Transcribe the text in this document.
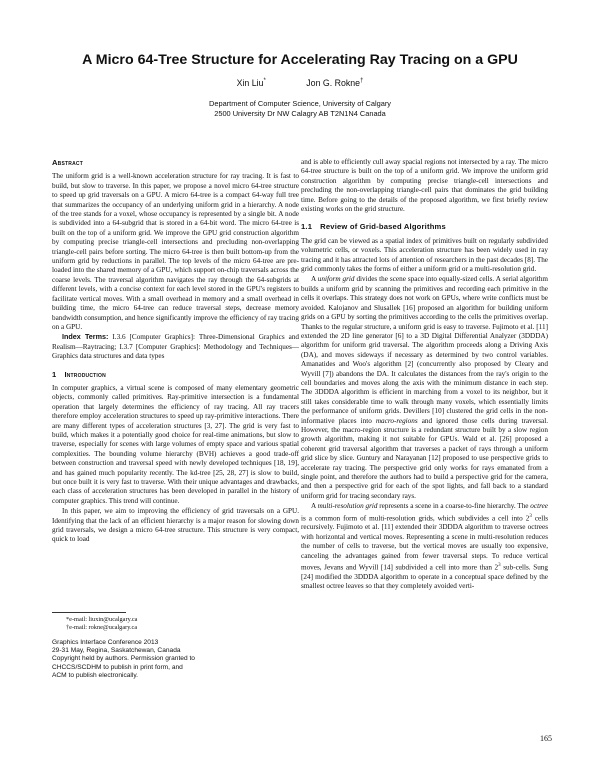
A Micro 64-Tree Structure for Accelerating Ray Tracing on a GPU
Xin Liu*	Jon G. Rokne†
Department of Computer Science, University of Calgary
2500 University Dr NW Calagry AB T2N1N4 Canada
Abstract

The uniform grid is a well-known acceleration structure for ray tracing. It is fast to build, but slow to traverse. In this paper, we propose a novel micro 64-tree structure to speed up grid traversals on a GPU. A micro 64-tree is a compact 64-way full tree that summarizes the occupancy of an underlying uniform grid in a hierarchy. A node of the tree stands for a voxel, whose occupancy is represented by a single bit. A node is subdivided into a 64-subgrid that is stored in a 64-bit word. The micro 64-tree is built on the top of a uniform grid. We improve the GPU grid construction algorithm by computing precise triangle-cell intersections and precluding non-overlapping triangle-cell pairs before sorting. The micro 64-tree is then built bottom-up from the uniform grid by reductions in parallel. The top levels of the micro 64-tree are pre-loaded into the shared memory of a GPU, which support on-chip traversals across the coarse levels. The traversal algorithm navigates the ray through the 64-subgrids at different levels, with a concise context for each level stored in the GPU's registers to facilitate vertical moves. With a small overhead in memory and a small overhead in building time, the micro 64-tree can reduce traversal steps, decrease memory bandwidth consumption, and hence significantly improve the efficiency of ray tracing on a GPU.

Index Terms: I.3.6 [Computer Graphics]: Three-Dimensional Graphics and Realism—Raytracing; I.3.7 [Computer Graphics]: Methodology and Techniques—Graphics data structures and data types

1 Introduction

In computer graphics, a virtual scene is composed of many elementary geometric objects, commonly called primitives. Ray-primitive intersection is a fundamental operation that largely determines the efficiency of ray tracing. All ray tracers therefore employ acceleration structures to speed up ray-primitive interactions. There are many different types of acceleration structures [3, 27]. The grid is very fast to build, which makes it a potentially good choice for real-time animations, but slow to traverse, especially for scenes with large volumes of empty space and various spatial complexities. The bounding volume hierarchy (BVH) achieves a good trade-off between construction and traversal speed with newly developed techniques [18, 19], and has gained much popularity recently. The kd-tree [25, 28, 27] is slow to build, but once built it is very fast to traverse. With their unique advantages and drawbacks, each class of acceleration structures has been developed in parallel in the history of computer graphics. This trend will continue.

In this paper, we aim to improving the efficiency of grid traversals on a GPU. Identifying that the lack of an efficient hierarchy is a major reason for slowing down grid traversals, we design a micro 64-tree structure. This structure is very compact, quick to load

*e-mail: liuxin@ucalgary.ca
†e-mail: rokne@ucalgary.ca
Graphics Interface Conference 2013
29-31 May, Regina, Saskatchewan, Canada
Copyright held by authors. Permission granted to
CHCCS/SCDHM to publish in print form, and
ACM to publish electronically.

and is able to efficiently cull away spacial regions not intersected by a ray. The micro 64-tree structure is built on the top of a uniform grid. We improve the uniform grid construction algorithm by computing precise triangle-cell intersections and precluding the non-overlapping triangle-cell pairs that dominates the grid building time. Before going to the details of the proposed algorithm, we first briefly review existing works on the grid structure.

1.1 Review of Grid-based Algorithms

The grid can be viewed as a spatial index of primitives built on regularly subdivided volumetric cells, or voxels. This acceleration structure has been widely used in ray tracing and it has attracted lots of attention of researchers in the past decades [8]. The grid commonly takes the forms of either a uniform grid or a multi-resolution grid.

A uniform grid divides the scene space into equally-sized cells. A serial algorithm builds a uniform grid by scanning the primitives and recording each primitive in the cells it overlaps. This strategy does not work on GPUs, where write conflicts must be avoided. Kalojanov and Slusallek [16] proposed an algorithm for building uniform grids on a GPU by sorting the primitives according to the cells the primitives overlap. Thanks to the regular structure, a uniform grid is easy to traverse. Fujimoto et al. [11] extended the 2D line generator [6] to a 3D Digital Differential Analyzer (3DDDA) algorithm for uniform grid traversal. The algorithm proceeds along a Driving Axis (DA), and moves sideways if necessary as determined by two control variables. Amanatides and Woo's algorithm [2] (concurrently also proposed by Cleary and Wyvill [7]) abandons the DA. It calculates the distances from the ray's origin to the cell boundaries and moves along the axis with the minimum distance in each step. The 3DDDA algorithm is efficient in marching from a voxel to its neighbor, but it still takes considerable time to walk through many voxels, which essentially limits the performance of uniform grids. Devillers [10] clustered the grid cells in the non-informative places into macro-regions and ignored those cells during traversal. However, the macro-region structure is a redundant structure built by a slow region growth algorithm, making it not suitable for GPUs. Wald et al. [26] proposed a coherent grid traversal algorithm that traverses a packet of rays through a uniform grid slice by slice. Guntury and Narayanan [12] proposed to use perspective grids to accelerate ray tracing. The perspective grid only works for rays emanated from a single point, and therefore the authors had to build a perspective grid for the camera, and then a perspective grid for each of the spot lights, and fall back to a standard uniform grid for tracing secondary rays.

A multi-resolution grid represents a scene in a coarse-to-fine hierarchy. The octree is a common form of multi-resolution grids, which subdivides a cell into $2^3$ cells recursively. Fujimoto et al. [11] extended their 3DDDA algorithm to traverse octrees with horizontal and vertical moves. Representing a scene in multi-resolution reduces the number of cells to traverse, but the vertical moves are usually too expensive, canceling the advantages gained from fewer traversal steps. To reduce vertical moves, Jevans and Wyvill [14] subdivided a cell into more than $2^3$ sub-cells. Sung [24] modified the 3DDDA algorithm to operate in a conceptual space defined by the smallest octree leaves so that they completely avoided verti-

165
